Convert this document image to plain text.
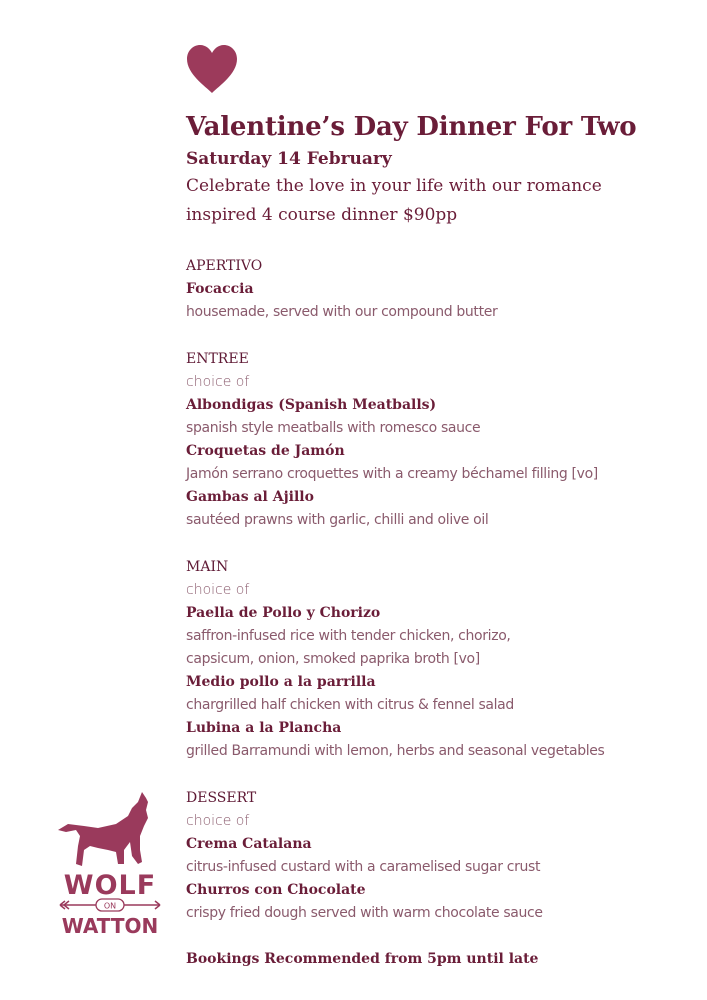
Valentine’s Day Dinner For Two
Saturday 14 February
Celebrate the love in your life with our romance
inspired 4 course dinner $90pp
APERTIVO
Focaccia
housemade, served with our compound butter
ENTREE
choice of
Albondigas (Spanish Meatballs)
spanish style meatballs with romesco sauce
Croquetas de Jamón
Jamón serrano croquettes with a creamy béchamel filling [vo]
Gambas al Ajillo
sautéed prawns with garlic, chilli and olive oil
MAIN
choice of
Paella de Pollo y Chorizo
saffron-infused rice with tender chicken, chorizo,
capsicum, onion, smoked paprika broth [vo]
Medio pollo a la parrilla
chargrilled half chicken with citrus & fennel salad
Lubina a la Plancha
grilled Barramundi with lemon, herbs and seasonal vegetables
DESSERT
choice of
Crema Catalana
citrus-infused custard with a caramelised sugar crust
Churros con Chocolate
crispy fried dough served with warm chocolate sauce
Bookings Recommended from 5pm until late
WOLF
ON
WATTON
